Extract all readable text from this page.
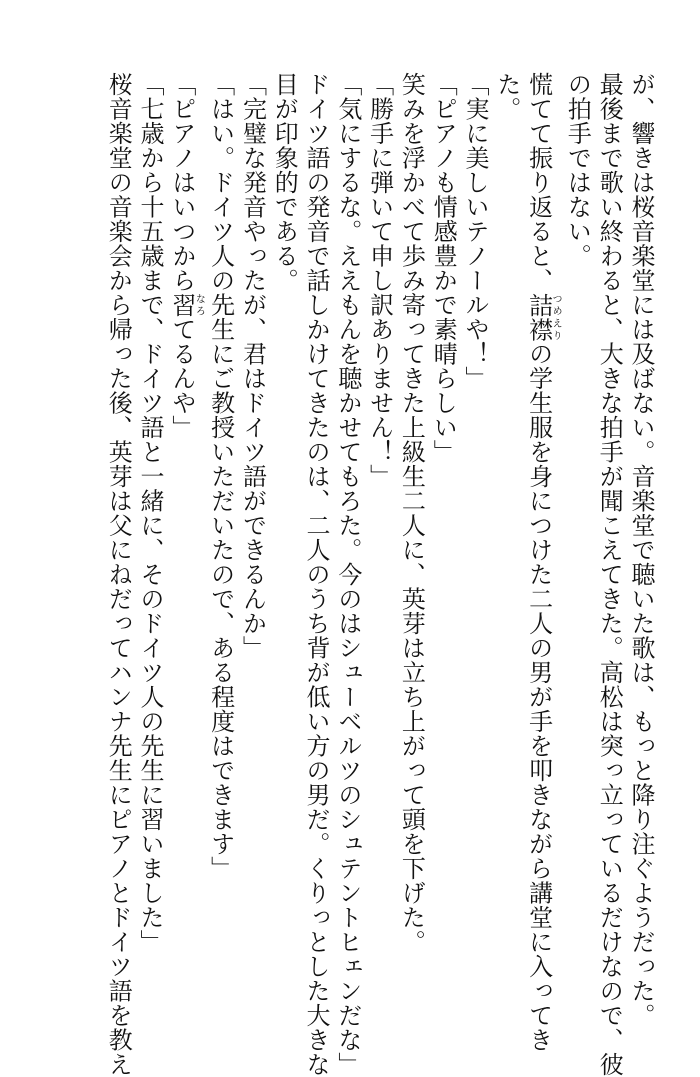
が、響きは桜音楽堂には及ばない。音楽堂で聴いた歌は、もっと降り注ぐようだった。
最後まで歌い終わると、大きな拍手が聞こえてきた。高松は突っ立っているだけなので、彼
の拍手ではない。
慌てて振り返ると、詰襟つめえりの学生服を身につけた二人の男が手を叩きながら講堂に入ってき
た。
「実に美しいテノールや！」
「ピアノも情感豊かで素晴らしい」
笑みを浮かべて歩み寄ってきた上級生二人に、英芽は立ち上がって頭を下げた。
「勝手に弾いて申し訳ありません！」
「気にするな。ええもんを聴かせてもろた。今のはシューベルツのシュテントヒェンだな」
ドイツ語の発音で話しかけてきたのは、二人のうち背が低い方の男だ。くりっとした大きな
目が印象的である。
「完璧な発音やったが、君はドイツ語ができるんか」
「はい。ドイツ人の先生にご教授いただいたので、ある程度はできます」
「ピアノはいつから習なろてるんや」
「七歳から十五歳まで、ドイツ語と一緒に、そのドイツ人の先生に習いました」
桜音楽堂の音楽会から帰った後、英芽は父にねだってハンナ先生にピアノとドイツ語を教え
